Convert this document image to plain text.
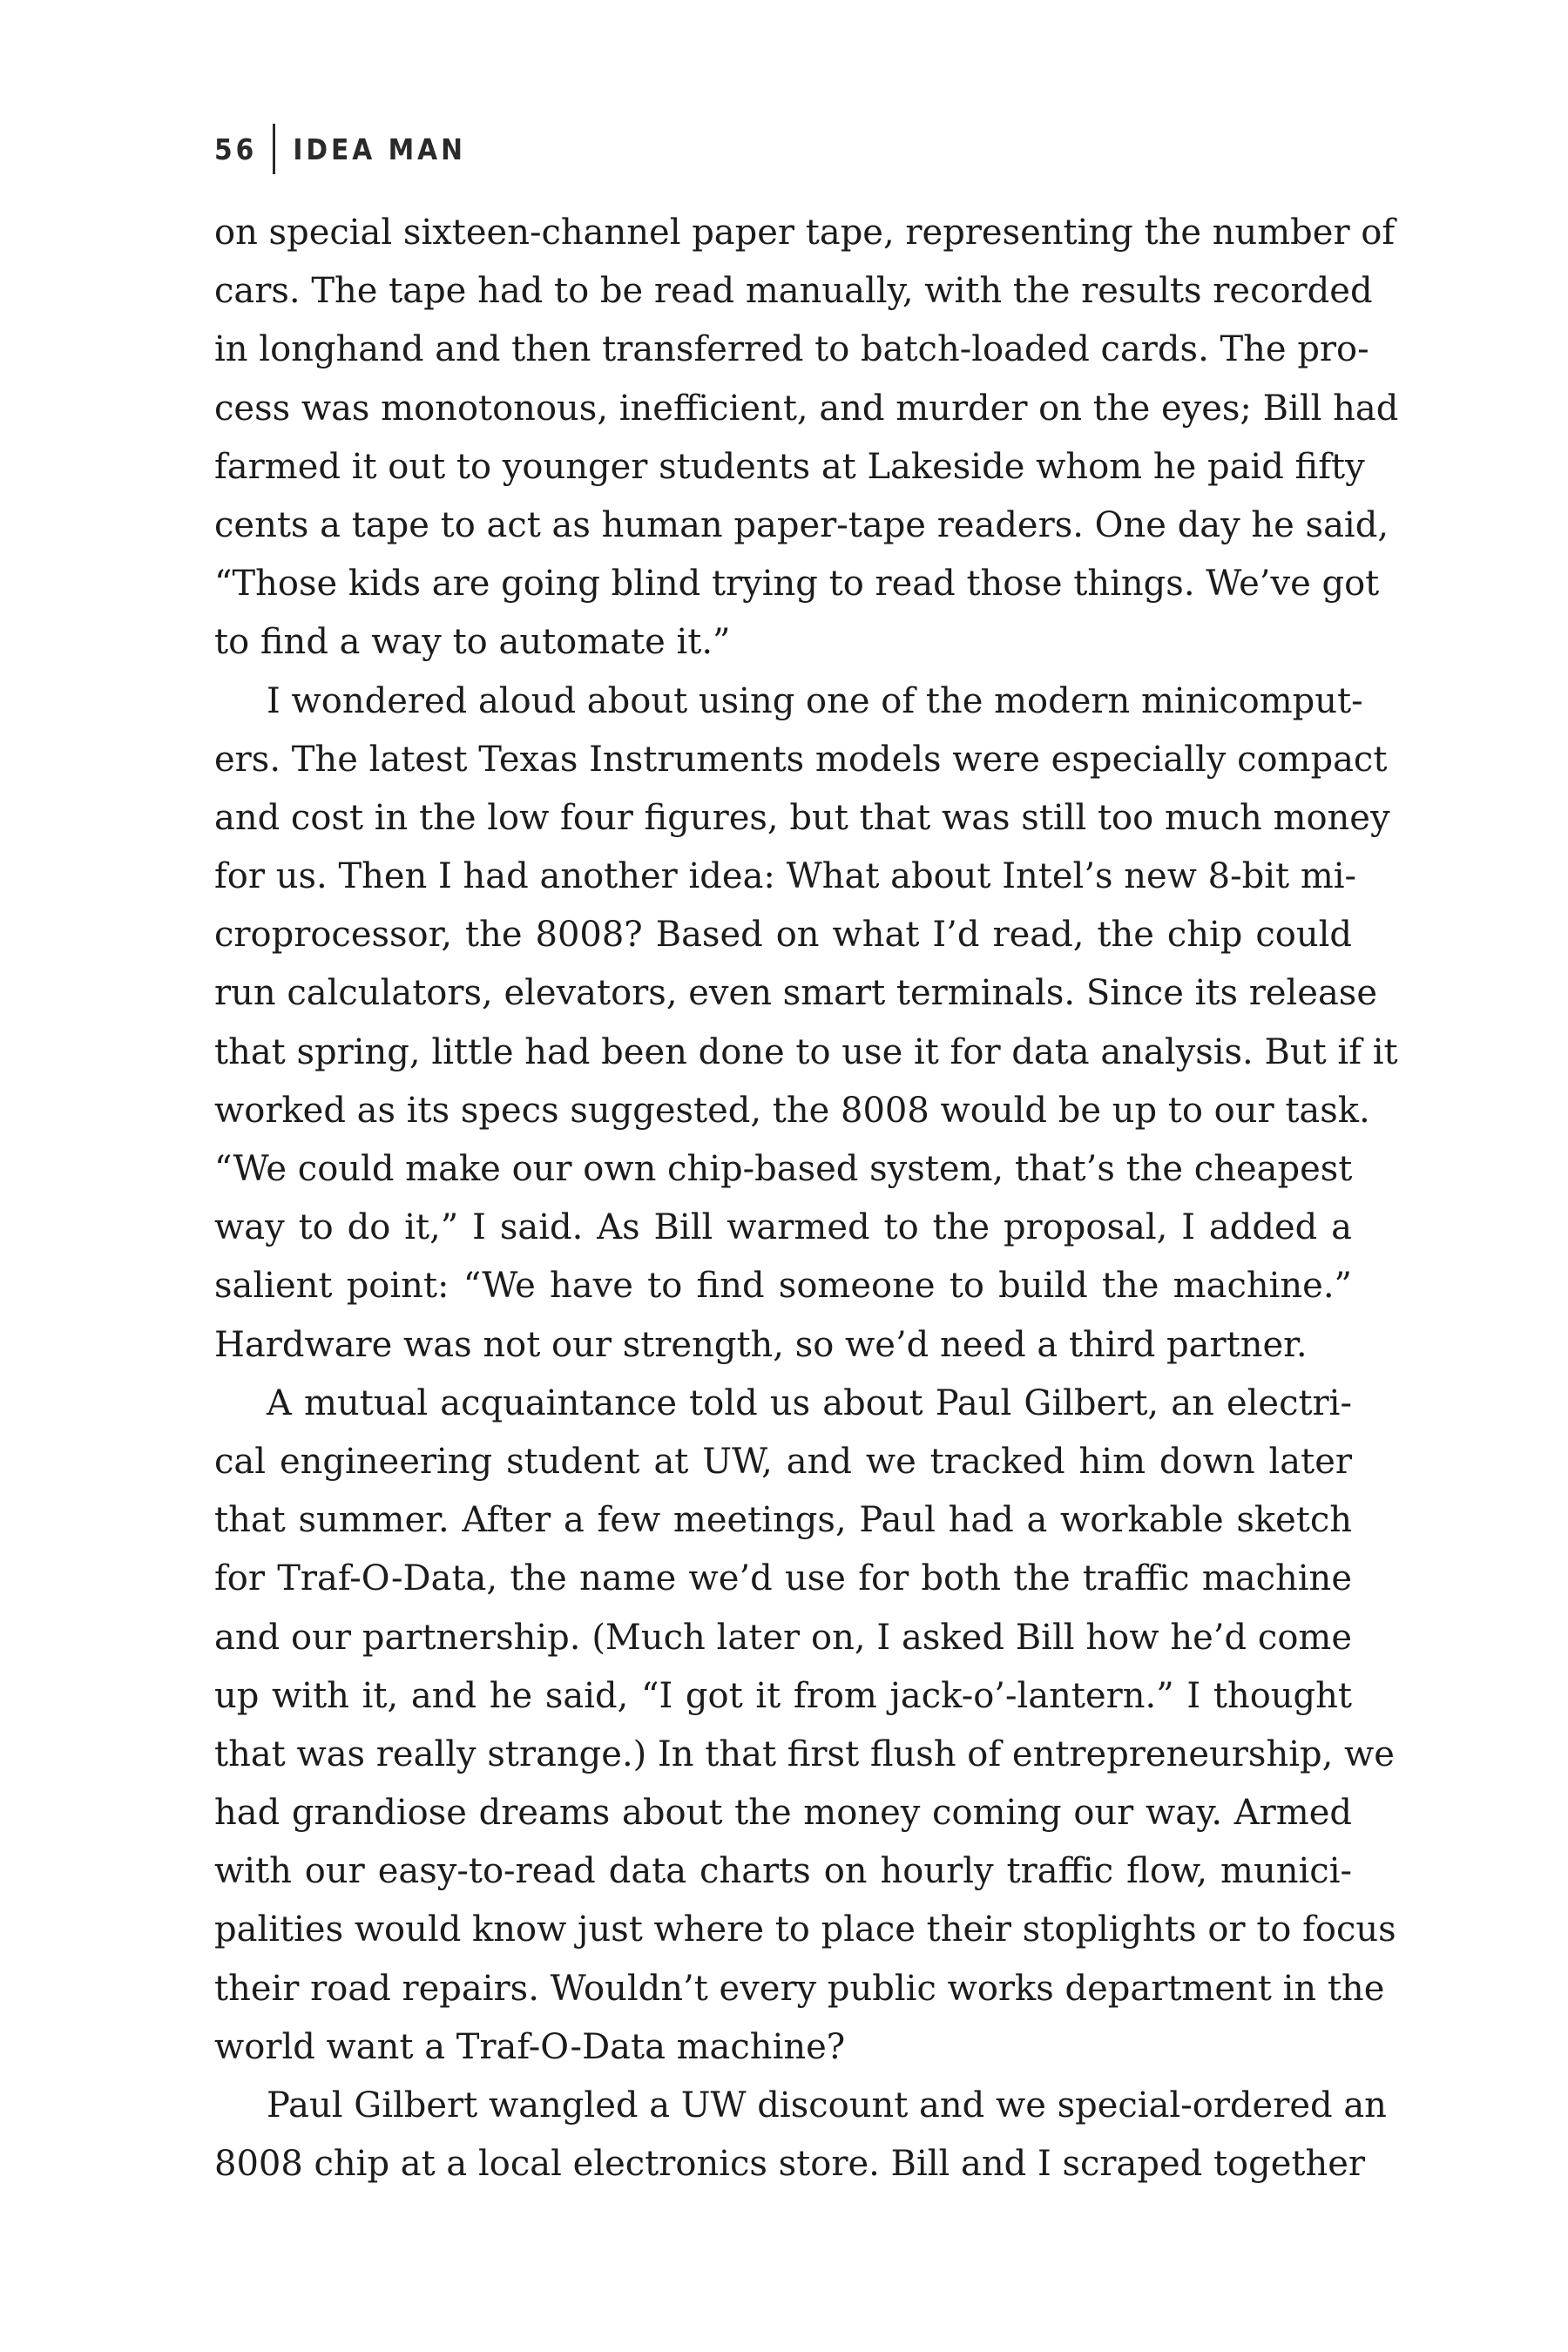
56 IDEA MAN
on special sixteen-channel paper tape, representing the number of
cars. The tape had to be read manually, with the results recorded
in longhand and then transferred to batch-loaded cards. The pro-
cess was monotonous, inefficient, and murder on the eyes; Bill had
farmed it out to younger students at Lakeside whom he paid fifty
cents a tape to act as human paper-tape readers. One day he said,
“Those kids are going blind trying to read those things. We’ve got
to find a way to automate it.”
I wondered aloud about using one of the modern minicomput-
ers. The latest Texas Instruments models were especially compact
and cost in the low four figures, but that was still too much money
for us. Then I had another idea: What about Intel’s new 8-bit mi-
croprocessor, the 8008? Based on what I’d read, the chip could
run calculators, elevators, even smart terminals. Since its release
that spring, little had been done to use it for data analysis. But if it
worked as its specs suggested, the 8008 would be up to our task.
“We could make our own chip-based system, that’s the cheapest
way to do it,” I said. As Bill warmed to the proposal, I added a
salient point: “We have to find someone to build the machine.”
Hardware was not our strength, so we’d need a third partner.
A mutual acquaintance told us about Paul Gilbert, an electri-
cal engineering student at UW, and we tracked him down later
that summer. After a few meetings, Paul had a workable sketch
for Traf-O-Data, the name we’d use for both the traffic machine
and our partnership. (Much later on, I asked Bill how he’d come
up with it, and he said, “I got it from jack-o’-lantern.” I thought
that was really strange.) In that first flush of entrepreneurship, we
had grandiose dreams about the money coming our way. Armed
with our easy-to-read data charts on hourly traffic flow, munici-
palities would know just where to place their stoplights or to focus
their road repairs. Wouldn’t every public works department in the
world want a Traf-O-Data machine?
Paul Gilbert wangled a UW discount and we special-ordered an
8008 chip at a local electronics store. Bill and I scraped together
